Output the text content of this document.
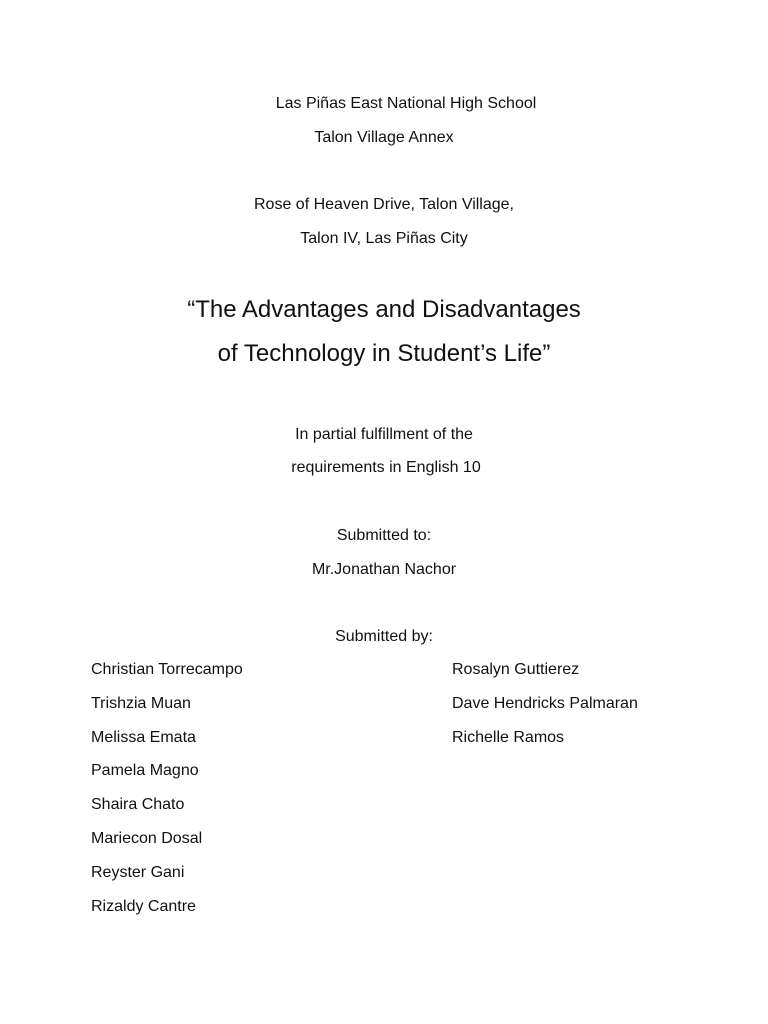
Las Piñas East National High School
Talon Village Annex
Rose of Heaven Drive, Talon Village,
Talon IV, Las Piñas City
“The Advantages and Disadvantages
of Technology in Student’s Life”
In partial fulfillment of the
requirements in English 10
Submitted to:
Mr.Jonathan Nachor
Submitted by:
Christian Torrecampo
Trishzia Muan
Melissa Emata
Pamela Magno
Shaira Chato
Mariecon Dosal
Reyster Gani
Rizaldy Cantre
Rosalyn Guttierez
Dave Hendricks Palmaran
Richelle Ramos
